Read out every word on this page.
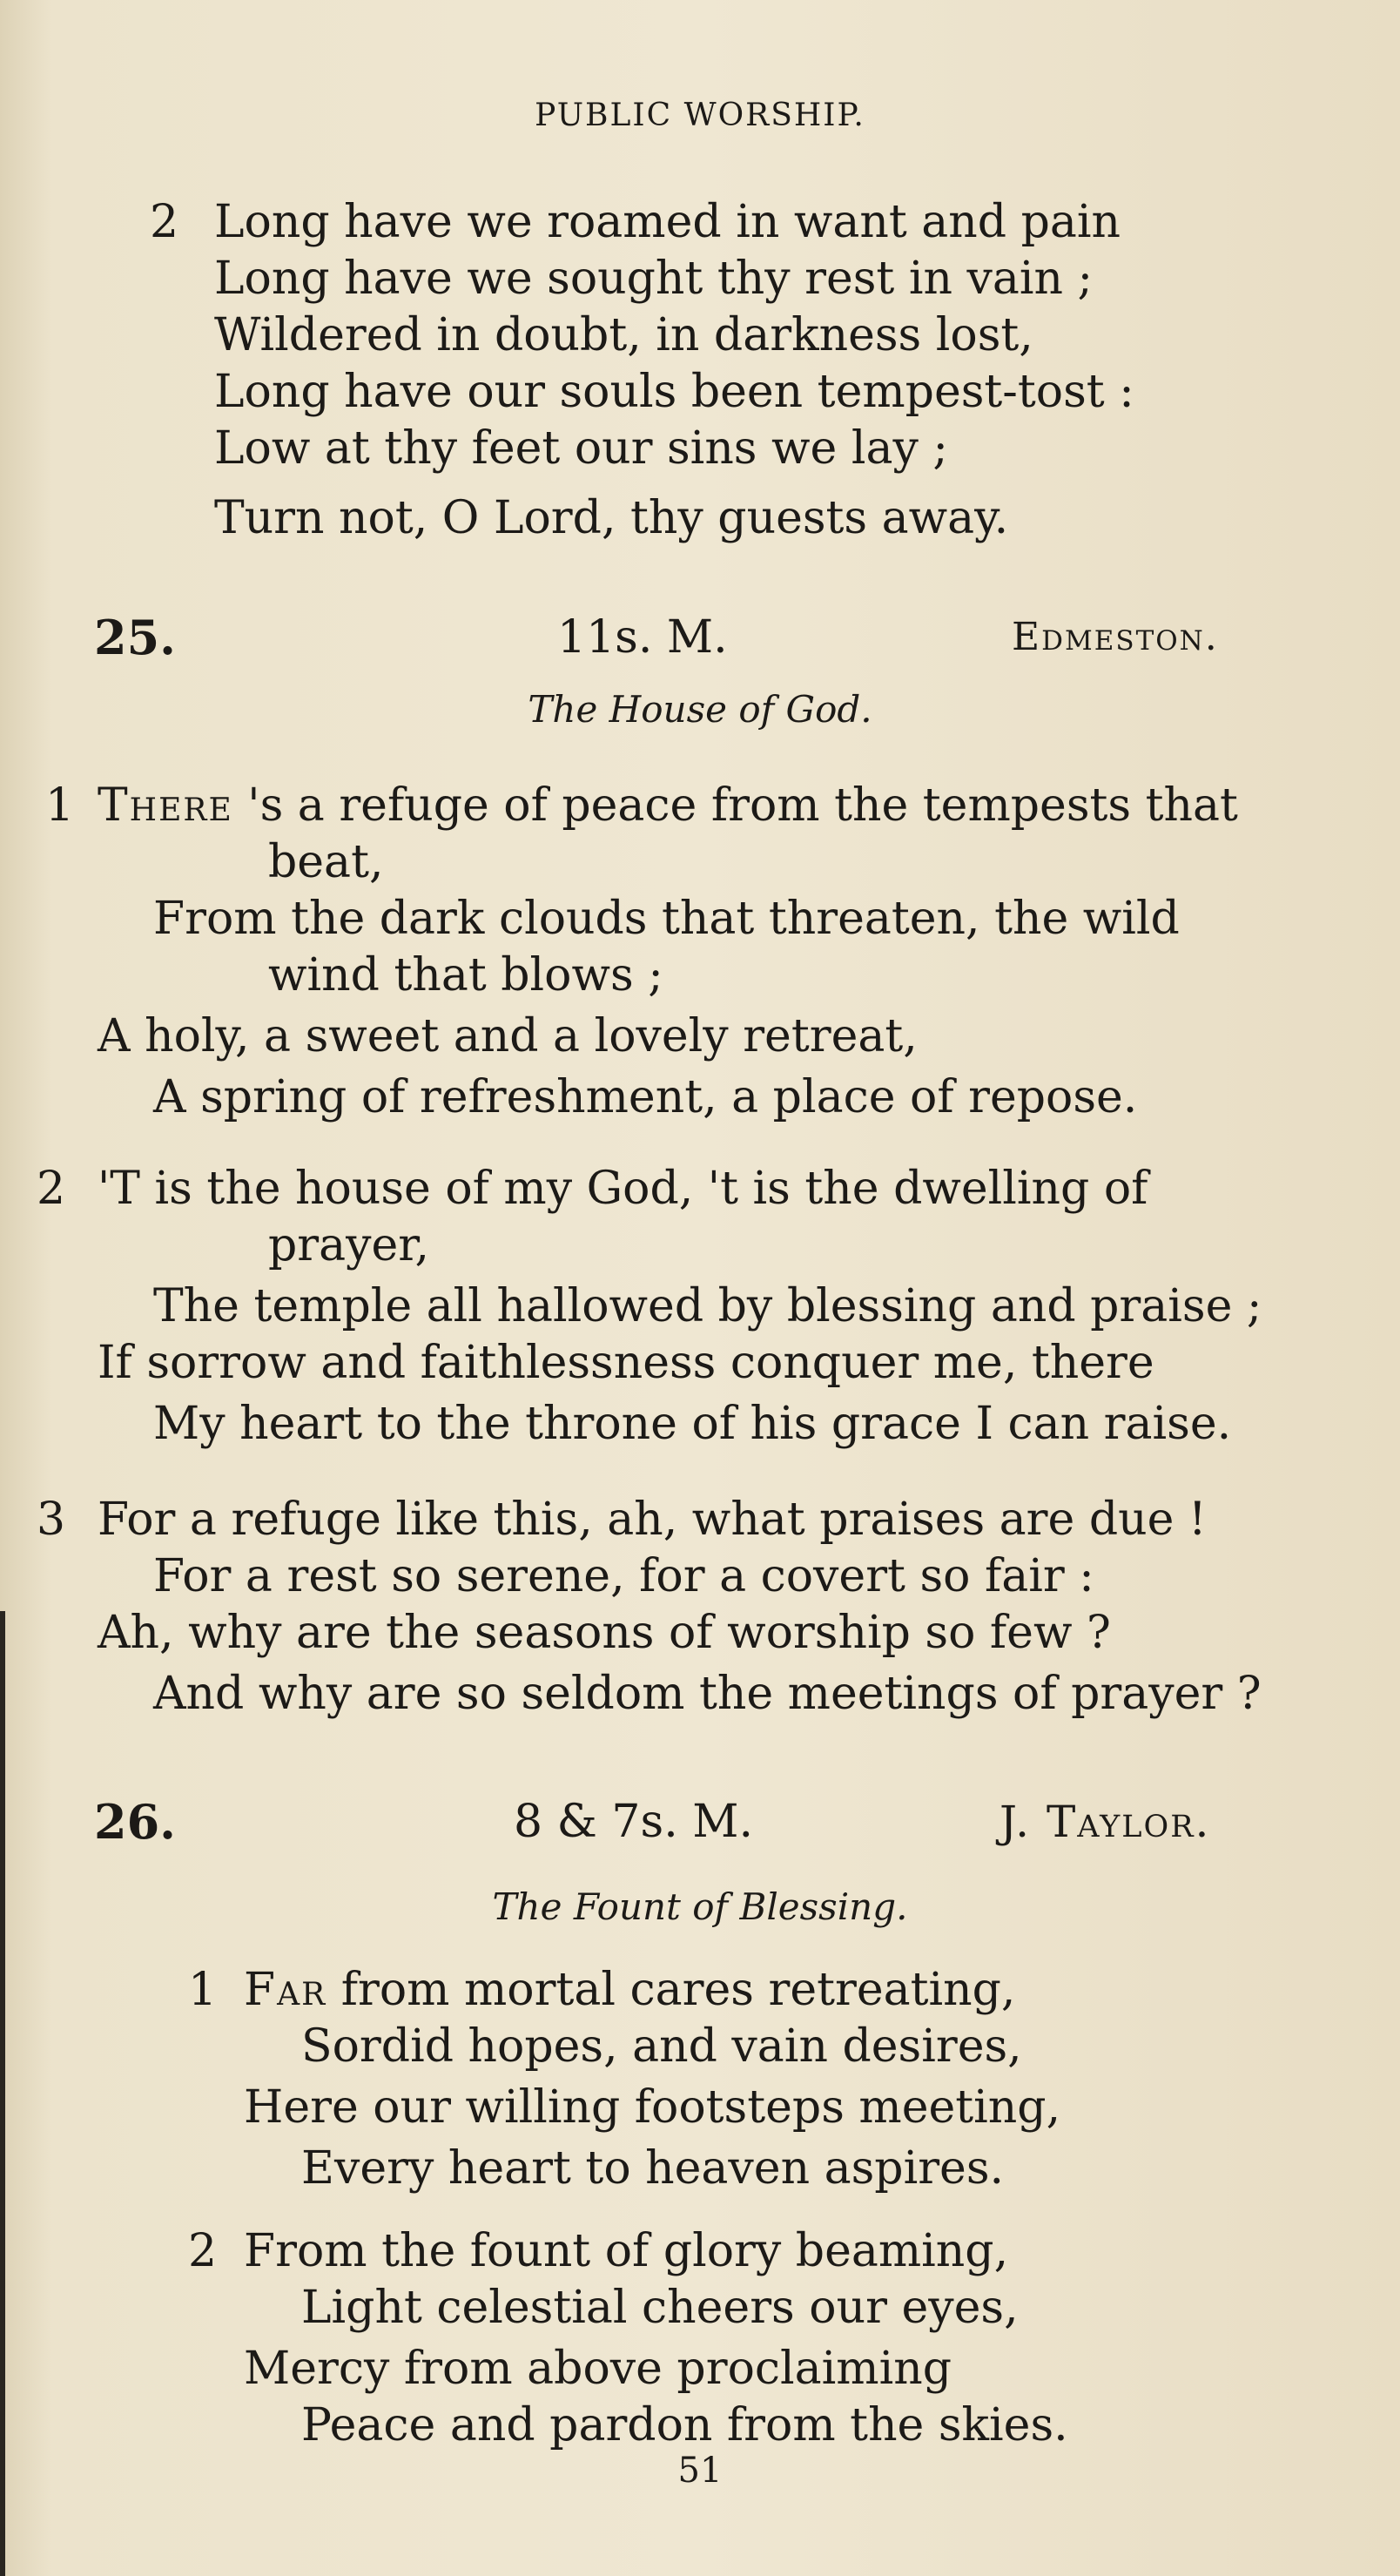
PUBLIC WORSHIP.
2 Long have we roamed in want and pain
Long have we sought thy rest in vain ;
Wildered in doubt, in darkness lost,
Long have our souls been tempest-tost :
Low at thy feet our sins we lay ;
Turn not, O Lord, thy guests away.
25.	11s. M.	Edmeston.
The House of God.
1 There 's a refuge of peace from the tempests that
beat,
From the dark clouds that threaten, the wild
wind that blows ;
A holy, a sweet and a lovely retreat,
A spring of refreshment, a place of repose.
2 'T is the house of my God, 't is the dwelling of
prayer,
The temple all hallowed by blessing and praise ;
If sorrow and faithlessness conquer me, there
My heart to the throne of his grace I can raise.
3 For a refuge like this, ah, what praises are due !
For a rest so serene, for a covert so fair :
Ah, why are the seasons of worship so few ?
And why are so seldom the meetings of prayer ?
26.	8 & 7s. M.	J. Taylor.
The Fount of Blessing.
1 Far from mortal cares retreating,
Sordid hopes, and vain desires,
Here our willing footsteps meeting,
Every heart to heaven aspires.
2 From the fount of glory beaming,
Light celestial cheers our eyes,
Mercy from above proclaiming
Peace and pardon from the skies.
51
